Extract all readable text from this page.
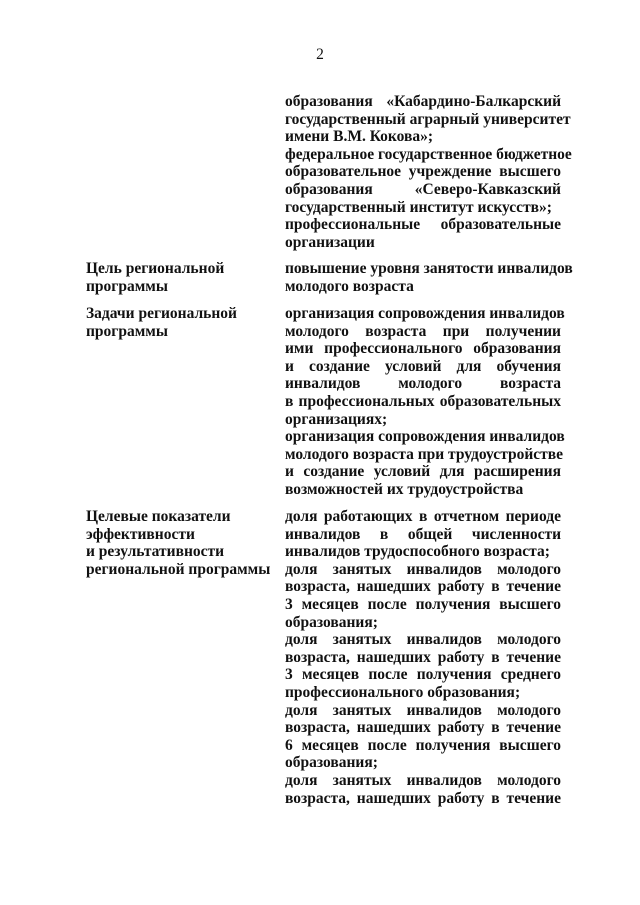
2
образования «Кабардино-Балкарский
государственный аграрный университет
имени В.М. Кокова»;
федеральное государственное бюджетное
образовательное учреждение высшего
образования «Северо-Кавказский
государственный институт искусств»;
профессиональные образовательные
организации
Цель региональной
программы
повышение уровня занятости инвалидов
молодого возраста
Задачи региональной
программы
организация сопровождения инвалидов
молодого возраста при получении
ими профессионального образования
и создание условий для обучения
инвалидов молодого возраста
в профессиональных образовательных
организациях;
организация сопровождения инвалидов
молодого возраста при трудоустройстве
и создание условий для расширения
возможностей их трудоустройства
Целевые показатели
эффективности
и результативности
региональной программы
доля работающих в отчетном периоде
инвалидов в общей численности
инвалидов трудоспособного возраста;
доля занятых инвалидов молодого
возраста, нашедших работу в течение
3 месяцев после получения высшего
образования;
доля занятых инвалидов молодого
возраста, нашедших работу в течение
3 месяцев после получения среднего
профессионального образования;
доля занятых инвалидов молодого
возраста, нашедших работу в течение
6 месяцев после получения высшего
образования;
доля занятых инвалидов молодого
возраста, нашедших работу в течение
